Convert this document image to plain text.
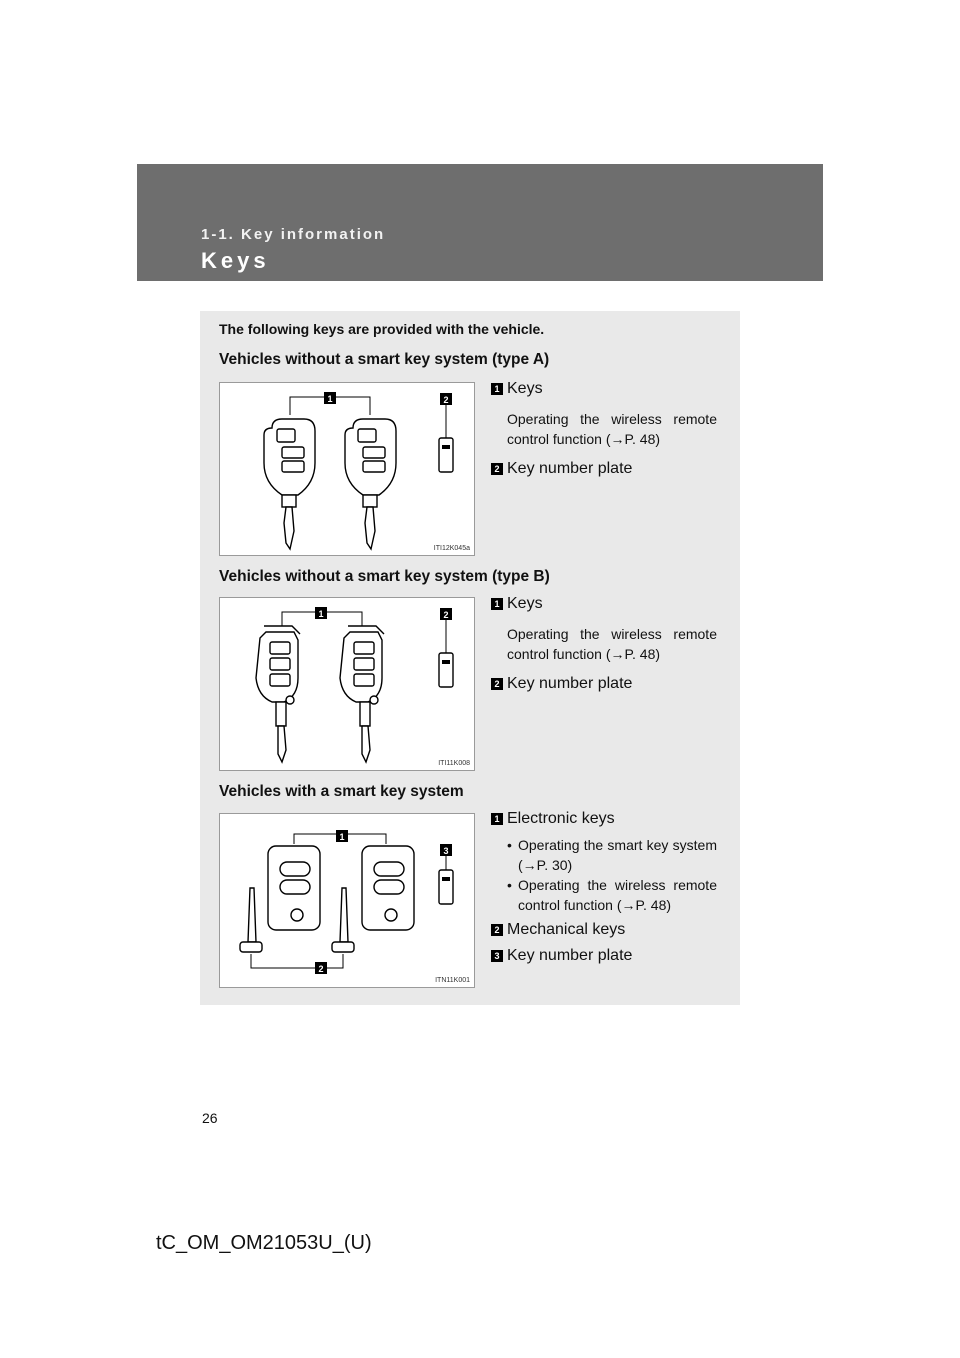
1-1. Key information
Keys
The following keys are provided with the vehicle.
Vehicles without a smart key system (type A)
1	2
ITI12K045a
1 Keys
Operating the wireless remote control function (→P. 48)
2 Key number plate
Vehicles without a smart key system (type B)
1	2
ITI11K008
1 Keys
Operating the wireless remote control function (→P. 48)
2 Key number plate
Vehicles with a smart key system
1
3
2
ITN11K001
1 Electronic keys
• Operating the smart key system (→P. 30)
• Operating the wireless remote control function (→P. 48)
2 Mechanical keys
3 Key number plate
26
tC_OM_OM21053U_(U)
